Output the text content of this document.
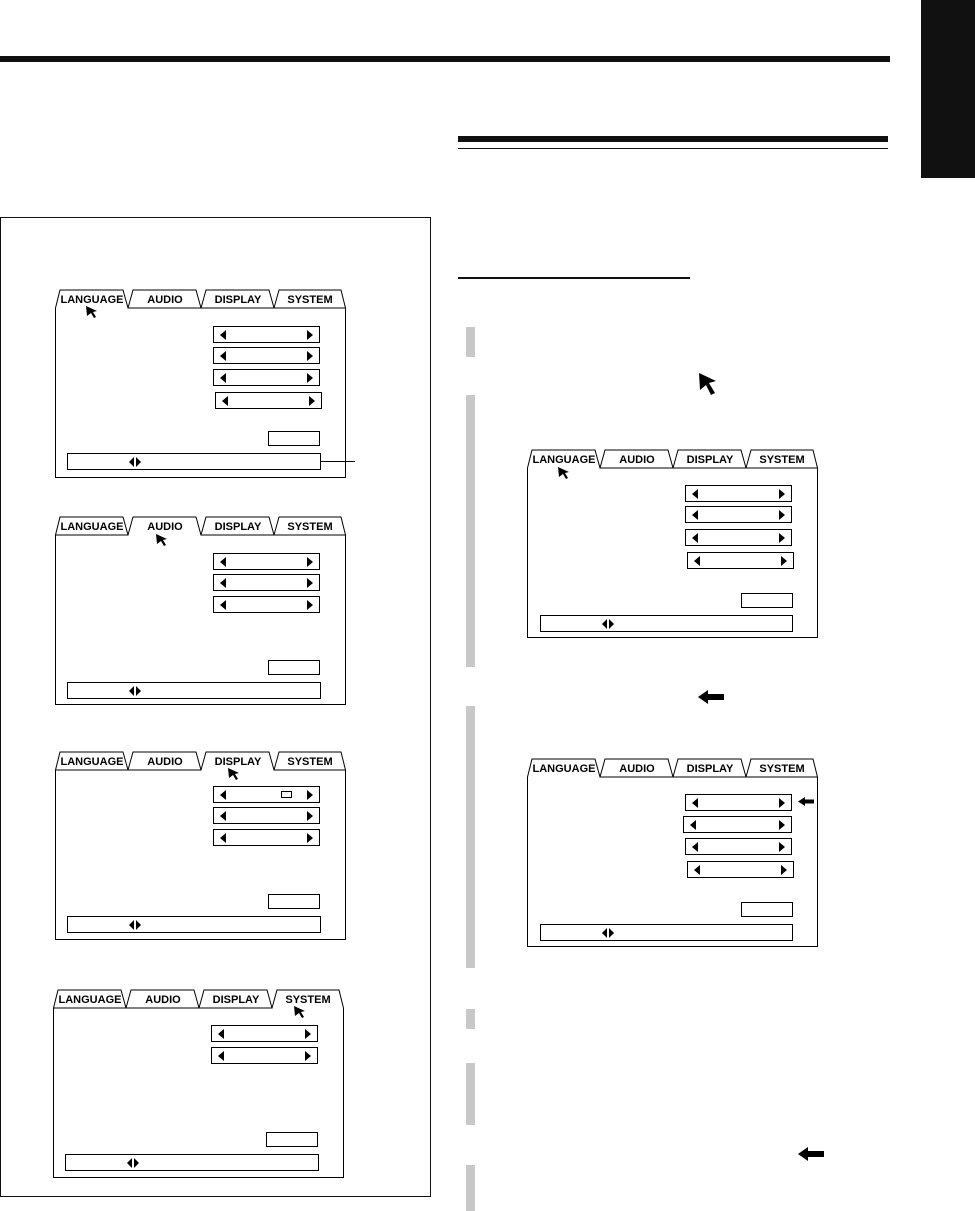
LANGUAGE	AUDIO	DISPLAY	SYSTEM
LANGUAGE	AUDIO	DISPLAY	SYSTEM
LANGUAGE	AUDIO	DISPLAY	SYSTEM
LANGUAGE	AUDIO	DISPLAY	SYSTEM
LANGUAGE	AUDIO	DISPLAY	SYSTEM
LANGUAGE	AUDIO	DISPLAY	SYSTEM
